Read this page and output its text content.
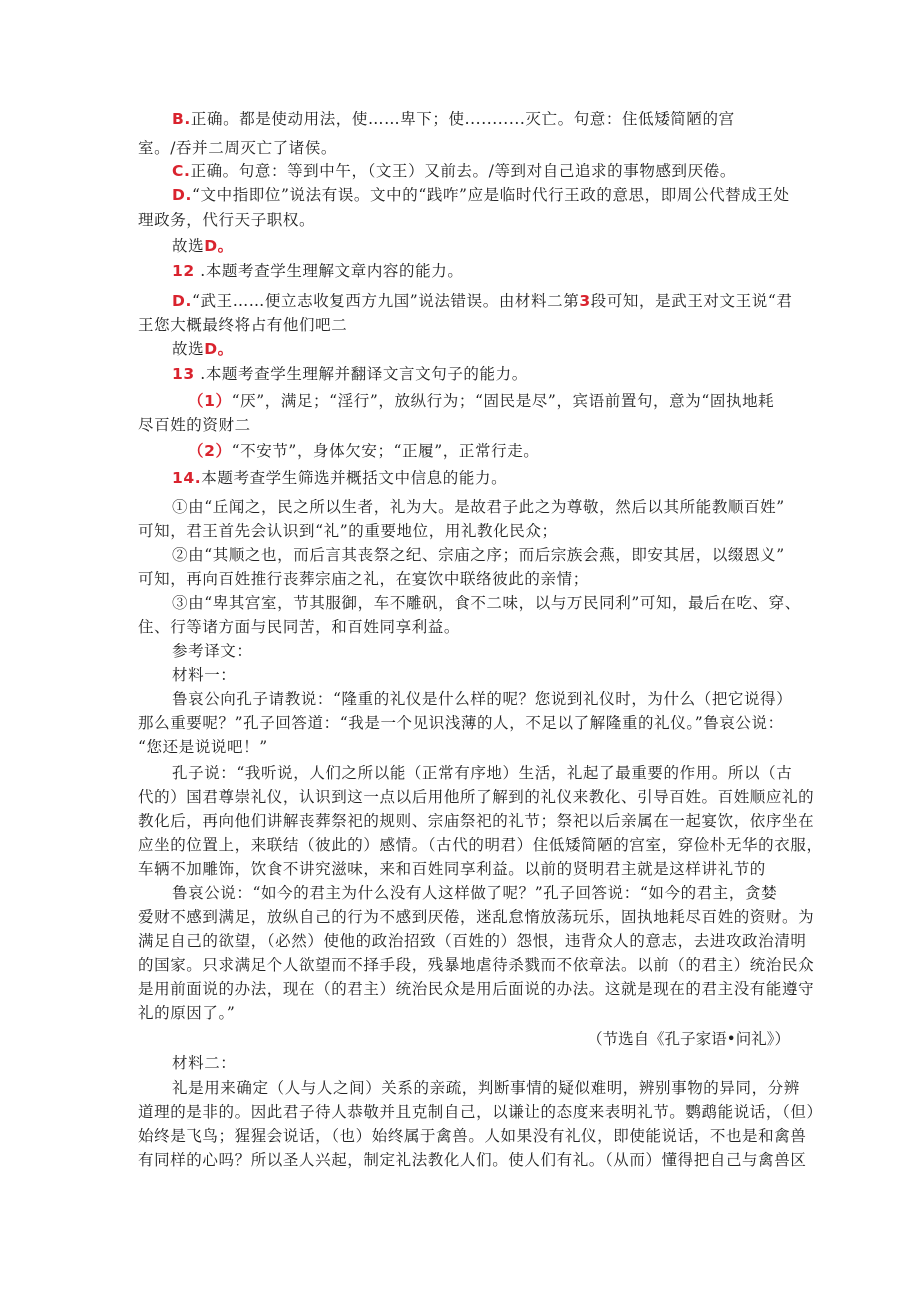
B.正确。都是使动用法，使……卑下；使...........灭亡。句意：住低矮简陋的宫
室。/吞并二周灭亡了诸侯。
C.正确。句意：等到中午，（文王）又前去。/等到对自己追求的事物感到厌倦。
D.“文中指即位”说法有误。文中的“践咋”应是临时代行王政的意思，即周公代替成王处
理政务，代行天子职权。
故选D。
12 .本题考查学生理解文章内容的能力。
D.“武王……便立志收复西方九国”说法错误。由材料二第3段可知，是武王对文王说“君
王您大概最终将占有他们吧二
故选D。
13 .本题考查学生理解并翻译文言文句子的能力。
（1）“厌”，满足；“淫行”，放纵行为；“固民是尽”，宾语前置句，意为“固执地耗
尽百姓的资财二
（2）“不安节”，身体欠安；“正履”，正常行走。
14.本题考查学生筛选并概括文中信息的能力。
①由“丘闻之，民之所以生者，礼为大。是故君子此之为尊敬，然后以其所能教顺百姓”
可知，君王首先会认识到“礼”的重要地位，用礼教化民众；
②由“其顺之也，而后言其丧祭之纪、宗庙之序；而后宗族会燕，即安其居，以缀恩义”
可知，再向百姓推行丧葬宗庙之礼，在宴饮中联络彼此的亲情；
③由“卑其宫室，节其服御，车不雕矾，食不二味，以与万民同利”可知，最后在吃、穿、
住、行等诸方面与民同苦，和百姓同享利益。
参考译文：
材料一：
鲁哀公向孔子请教说：“隆重的礼仪是什么样的呢？您说到礼仪时，为什么（把它说得）
那么重要呢？”孔子回答道：“我是一个见识浅薄的人，不足以了解隆重的礼仪。”鲁哀公说：
“您还是说说吧！”
孔子说：“我听说，人们之所以能（正常有序地）生活，礼起了最重要的作用。所以（古
代的）国君尊崇礼仪，认识到这一点以后用他所了解到的礼仪来教化、引导百姓。百姓顺应礼的
教化后，再向他们讲解丧葬祭祀的规则、宗庙祭祀的礼节；祭祀以后亲属在一起宴饮，依序坐在
应坐的位置上，来联结（彼此的）感情。（古代的明君）住低矮简陋的宫室，穿俭朴无华的衣服，
车辆不加雕饰，饮食不讲究滋味，来和百姓同享利益。以前的贤明君主就是这样讲礼节的
鲁哀公说：“如今的君主为什么没有人这样做了呢？”孔子回答说：“如今的君主，贪婪
爱财不感到满足，放纵自己的行为不感到厌倦，迷乱怠惰放荡玩乐，固执地耗尽百姓的资财。为
满足自己的欲望，（必然）使他的政治招致（百姓的）怨恨，违背众人的意志，去进攻政治清明
的国家。只求满足个人欲望而不择手段，残暴地虐待杀戮而不依章法。以前（的君主）统治民众
是用前面说的办法，现在（的君主）统治民众是用后面说的办法。这就是现在的君主没有能遵守
礼的原因了。”
（节选自《孔子家语•问礼》）
材料二：
礼是用来确定（人与人之间）关系的亲疏，判断事情的疑似难明，辨别事物的异同，分辨
道理的是非的。因此君子待人恭敬并且克制自己，以谦让的态度来表明礼节。鹦鹉能说话，（但）
始终是飞鸟；猩猩会说话，（也）始终属于禽兽。人如果没有礼仪，即使能说话，不也是和禽兽
有同样的心吗？所以圣人兴起，制定礼法教化人们。使人们有礼。（从而）懂得把自己与禽兽区
